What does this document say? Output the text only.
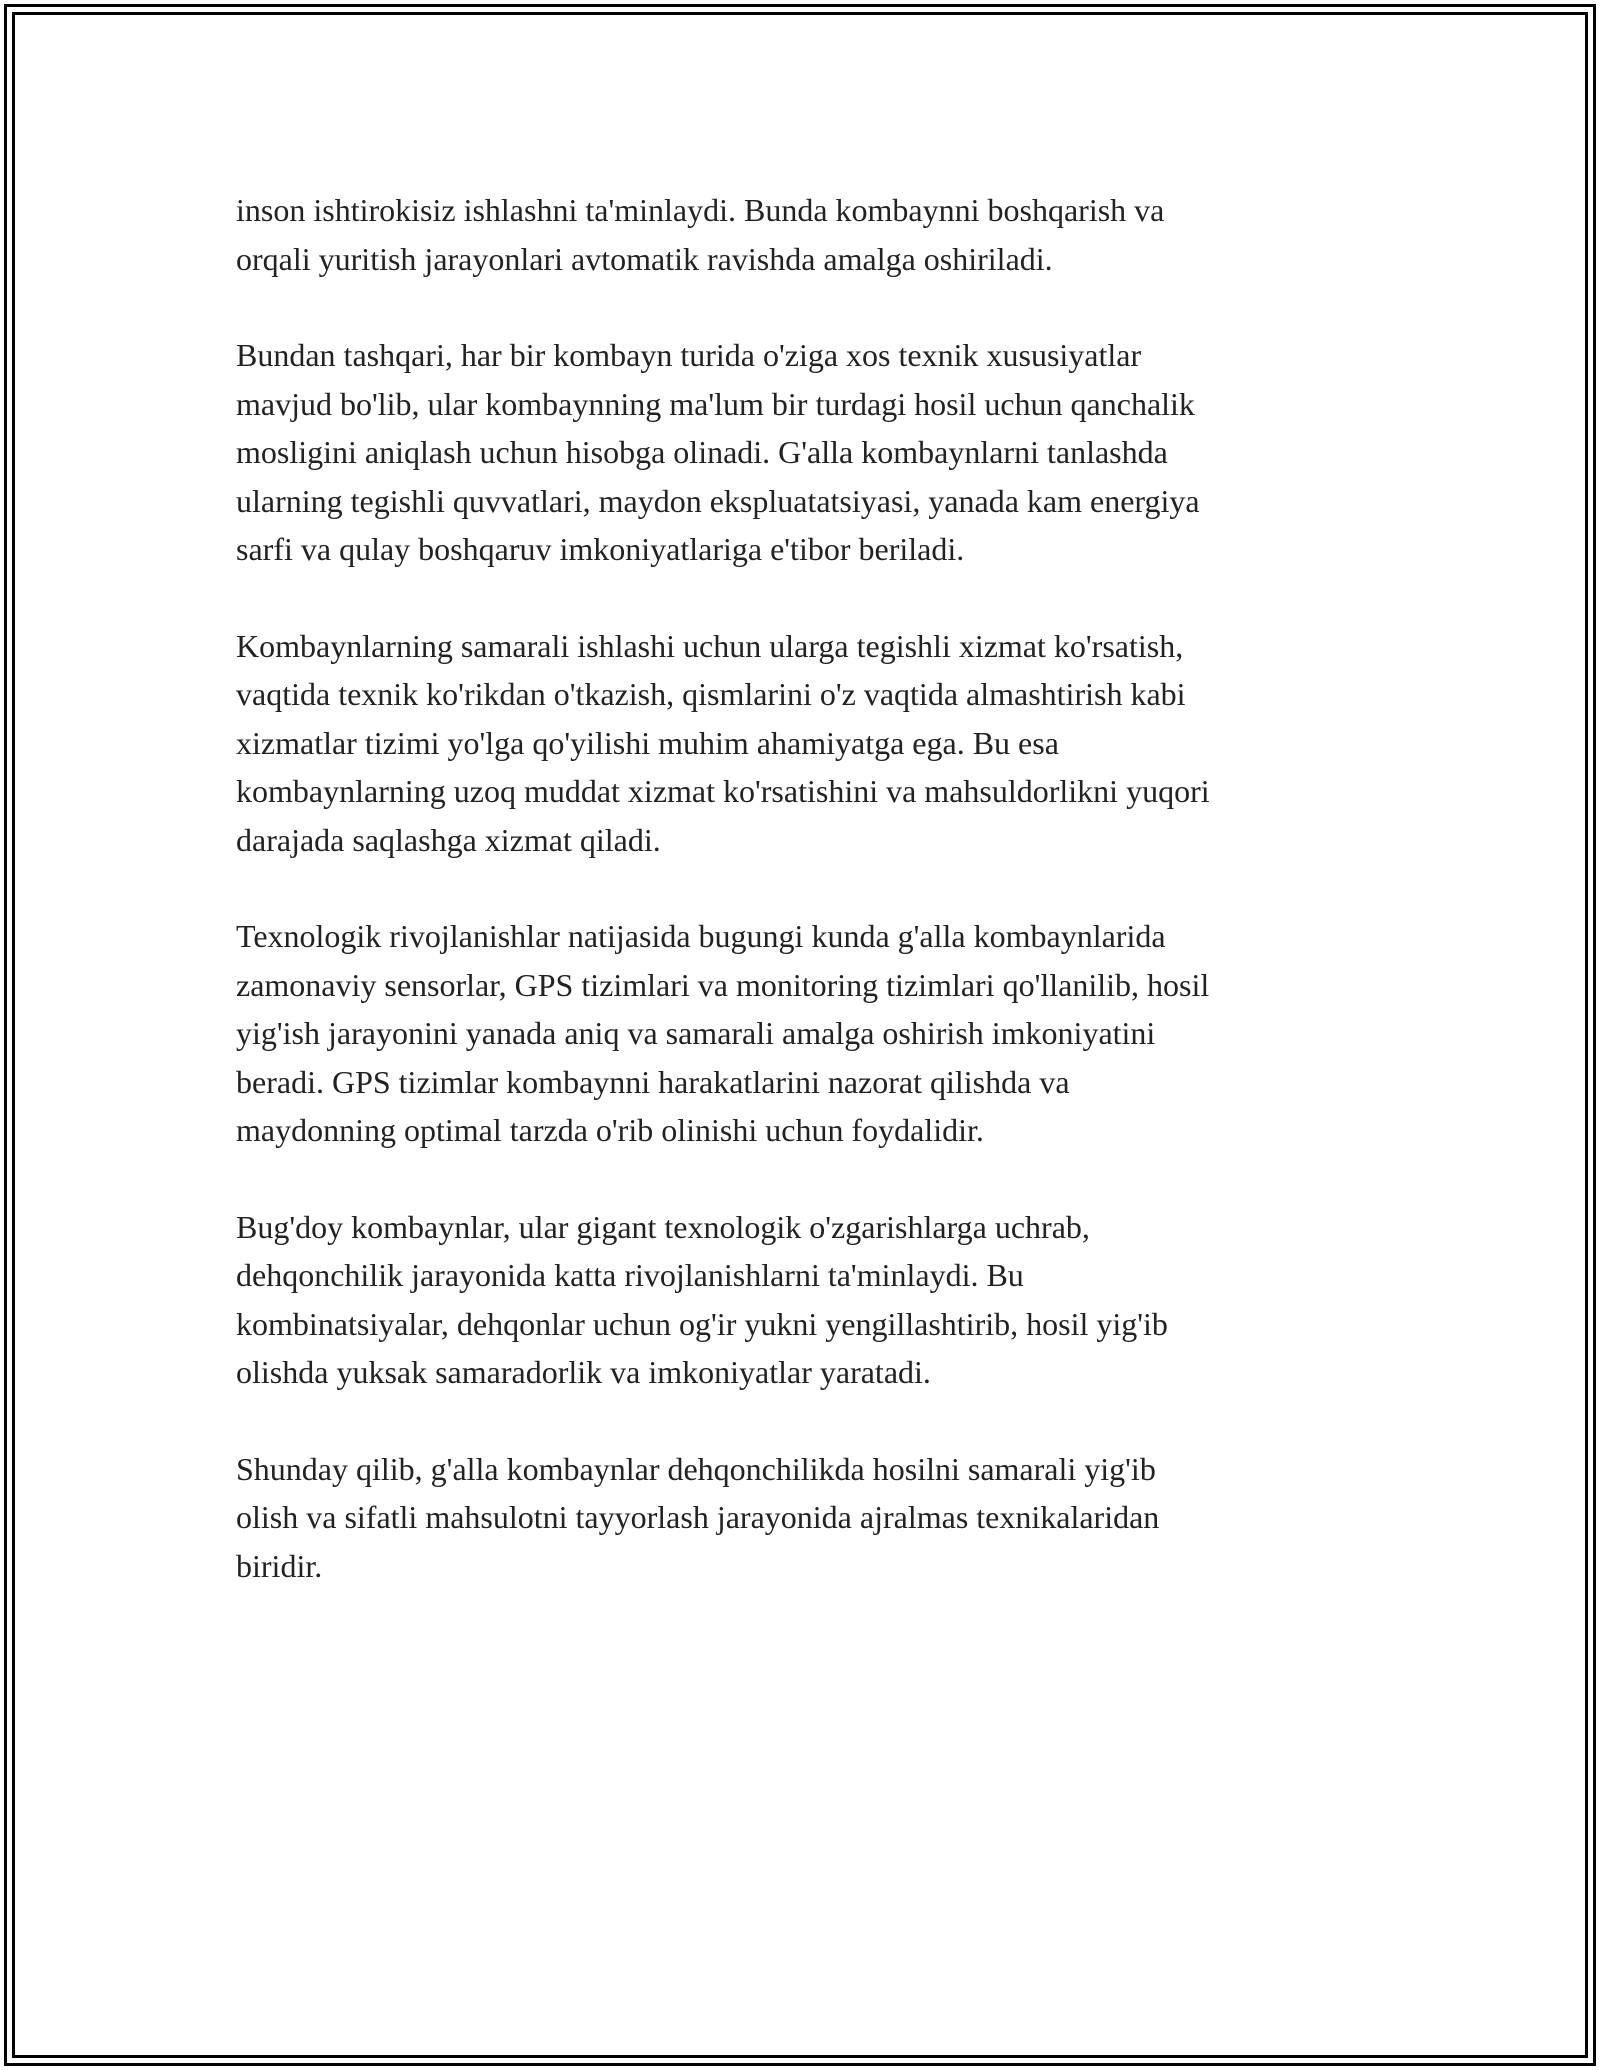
inson ishtirokisiz ishlashni ta'minlaydi. Bunda kombaynni boshqarish va
orqali yuritish jarayonlari avtomatik ravishda amalga oshiriladi.

Bundan tashqari, har bir kombayn turida o'ziga xos texnik xususiyatlar
mavjud bo'lib, ular kombaynning ma'lum bir turdagi hosil uchun qanchalik
mosligini aniqlash uchun hisobga olinadi. G'alla kombaynlarni tanlashda
ularning tegishli quvvatlari, maydon ekspluatatsiyasi, yanada kam energiya
sarfi va qulay boshqaruv imkoniyatlariga e'tibor beriladi.

Kombaynlarning samarali ishlashi uchun ularga tegishli xizmat ko'rsatish,
vaqtida texnik ko'rikdan o'tkazish, qismlarini o'z vaqtida almashtirish kabi
xizmatlar tizimi yo'lga qo'yilishi muhim ahamiyatga ega. Bu esa
kombaynlarning uzoq muddat xizmat ko'rsatishini va mahsuldorlikni yuqori
darajada saqlashga xizmat qiladi.

Texnologik rivojlanishlar natijasida bugungi kunda g'alla kombaynlarida
zamonaviy sensorlar, GPS tizimlari va monitoring tizimlari qo'llanilib, hosil
yig'ish jarayonini yanada aniq va samarali amalga oshirish imkoniyatini
beradi. GPS tizimlar kombaynni harakatlarini nazorat qilishda va
maydonning optimal tarzda o'rib olinishi uchun foydalidir.

Bug'doy kombaynlar, ular gigant texnologik o'zgarishlarga uchrab,
dehqonchilik jarayonida katta rivojlanishlarni ta'minlaydi. Bu
kombinatsiyalar, dehqonlar uchun og'ir yukni yengillashtirib, hosil yig'ib
olishda yuksak samaradorlik va imkoniyatlar yaratadi.

Shunday qilib, g'alla kombaynlar dehqonchilikda hosilni samarali yig'ib
olish va sifatli mahsulotni tayyorlash jarayonida ajralmas texnikalaridan
biridir.
